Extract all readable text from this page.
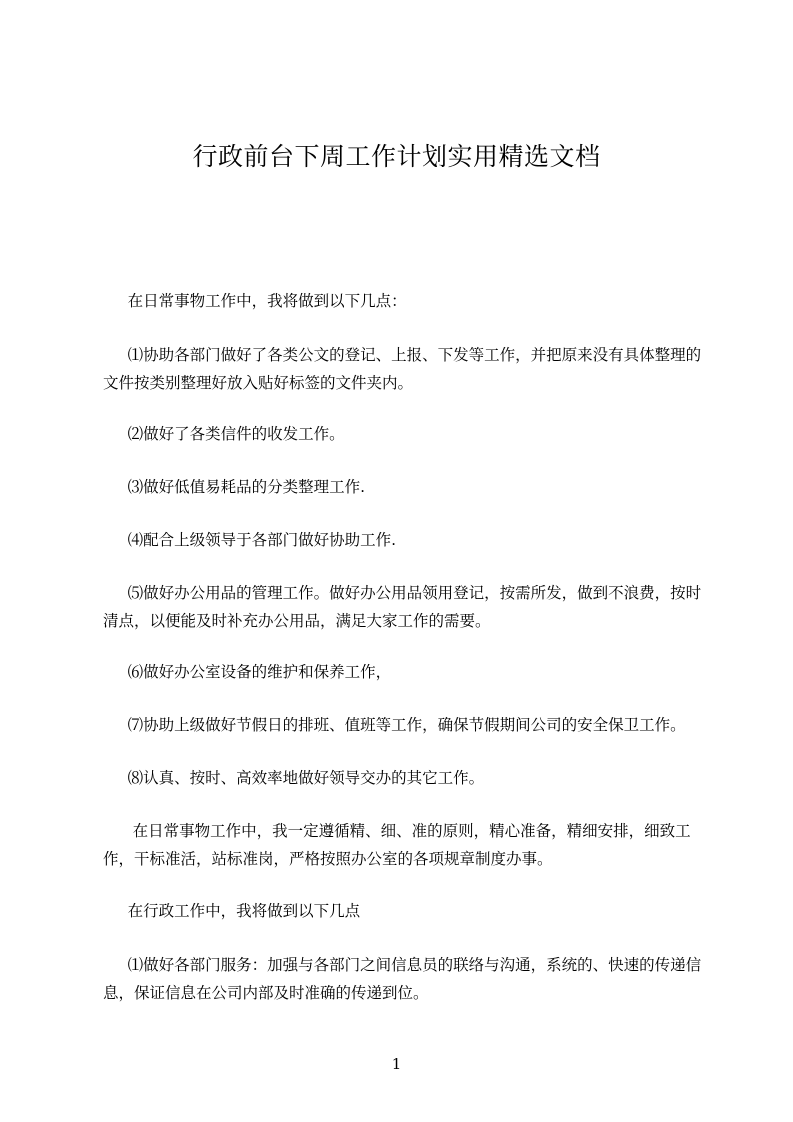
行政前台下周工作计划实用精选文档
在日常事物工作中，我将做到以下几点：
⑴协助各部门做好了各类公文的登记、上报、下发等工作，并把原来没有具体整理的文件按类别整理好放入贴好标签的文件夹内。
⑵做好了各类信件的收发工作。
⑶做好低值易耗品的分类整理工作.
⑷配合上级领导于各部门做好协助工作.
⑸做好办公用品的管理工作。做好办公用品领用登记，按需所发，做到不浪费，按时清点，以便能及时补充办公用品，满足大家工作的需要。
⑹做好办公室设备的维护和保养工作，
⑺协助上级做好节假日的排班、值班等工作，确保节假期间公司的安全保卫工作。
⑻认真、按时、高效率地做好领导交办的其它工作。
在日常事物工作中，我一定遵循精、细、准的原则，精心准备，精细安排，细致工作，干标准活，站标准岗，严格按照办公室的各项规章制度办事。
在行政工作中，我将做到以下几点
⑴做好各部门服务：加强与各部门之间信息员的联络与沟通，系统的、快速的传递信息，保证信息在公司内部及时准确的传递到位。
1
